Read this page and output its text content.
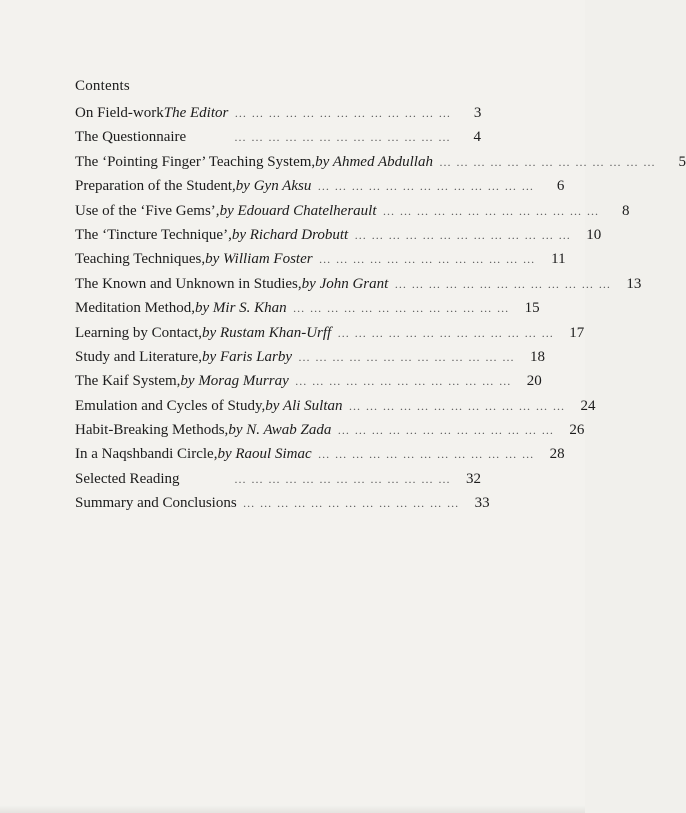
Contents
On Field-work The Editor … … … … … … … … … … … … …	3
The Questionnaire	… … … … … … … … … … … … …	4
The ‘Pointing Finger’ Teaching System, by Ahmed Abdullah … … … … … … … … … … … … …	5
Preparation of the Student, by Gyn Aksu … … … … … … … … … … … … …	6
Use of the ‘Five Gems’, by Edouard Chatelherault … … … … … … … … … … … … …	8
The ‘Tincture Technique’, by Richard Drobutt … … … … … … … … … … … … …	10
Teaching Techniques, by William Foster … … … … … … … … … … … … …	11
The Known and Unknown in Studies, by John Grant … … … … … … … … … … … … …	13
Meditation Method, by Mir S. Khan … … … … … … … … … … … … …	15
Learning by Contact, by Rustam Khan-Urff … … … … … … … … … … … … …	17
Study and Literature, by Faris Larby … … … … … … … … … … … … …	18
The Kaif System, by Morag Murray … … … … … … … … … … … … …	20
Emulation and Cycles of Study, by Ali Sultan … … … … … … … … … … … … …	24
Habit-Breaking Methods, by N. Awab Zada … … … … … … … … … … … … …	26
In a Naqshbandi Circle, by Raoul Simac … … … … … … … … … … … … …	28
Selected Reading	… … … … … … … … … … … … …	32
Summary and Conclusions … … … … … … … … … … … … …	33
